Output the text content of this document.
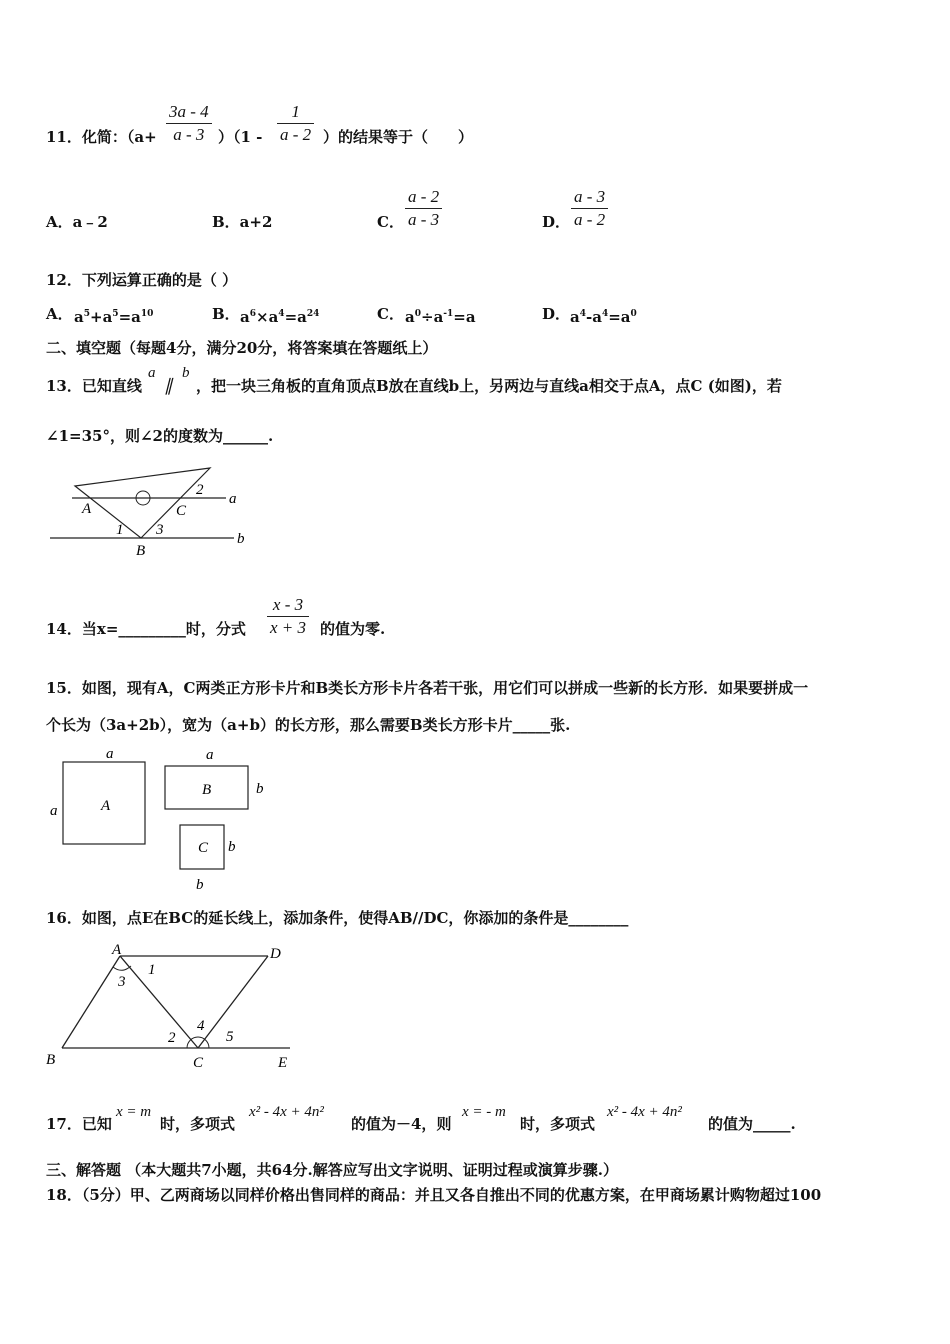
11．化简：$(a+ \frac{3a - 4}{a - 3} )(1 - \frac{1}{a - 2}$ ）的结果等于（　　）
A．a﹣2	B．a+2	C． $\frac{a - 2}{a - 3}$	D． $\frac{a - 3}{a - 2}$
12．下列运算正确的是（ ）
A． $a^5+a^5=a^{10}$	B． $a^6\times a^4=a^{24}$	C． $a^0\div a^{-1}=a$	D． $a^4-a^4=a^0$
二、填空题（每题4分，满分20分，将答案填在答题纸上）
13．已知直线
a
∥
b
，把一块三角板的直角顶点B放在直线b上，另两边与直线a相交于点A，点C (如图)，若
∠1=35°，则∠2的度数为______.
A	C
2
1 3
B
a
b
14．当x=_________时，分式 $\frac{x - 3}{x + 3}$ 的值为零.
15．如图，现有A，C两类正方形卡片和B类长方形卡片各若干张，用它们可以拼成一些新的长方形．如果要拼成一
个长为（3a+2b），宽为（a+b）的长方形，那么需要B类长方形卡片_____张.
a
a	A
a
b
B
b
b
C
16．如图，点E在BC的延长线上，添加条件，使得AB//DC，你添加的条件是________
A	D
1
3
2
4
5
B	C	E
17．已知
x = m
时，多项式
x² - 4x + 4n²
的值为－4，则
x = - m
时，多项式
x² - 4x + 4n²
的值为_____.
三、解答题 （本大题共7小题，共64分.解答应写出文字说明、证明过程或演算步骤.）
18．（5分）甲、乙两商场以同样价格出售同样的商品：并且又各自推出不同的优惠方案，在甲商场累计购物超过100
